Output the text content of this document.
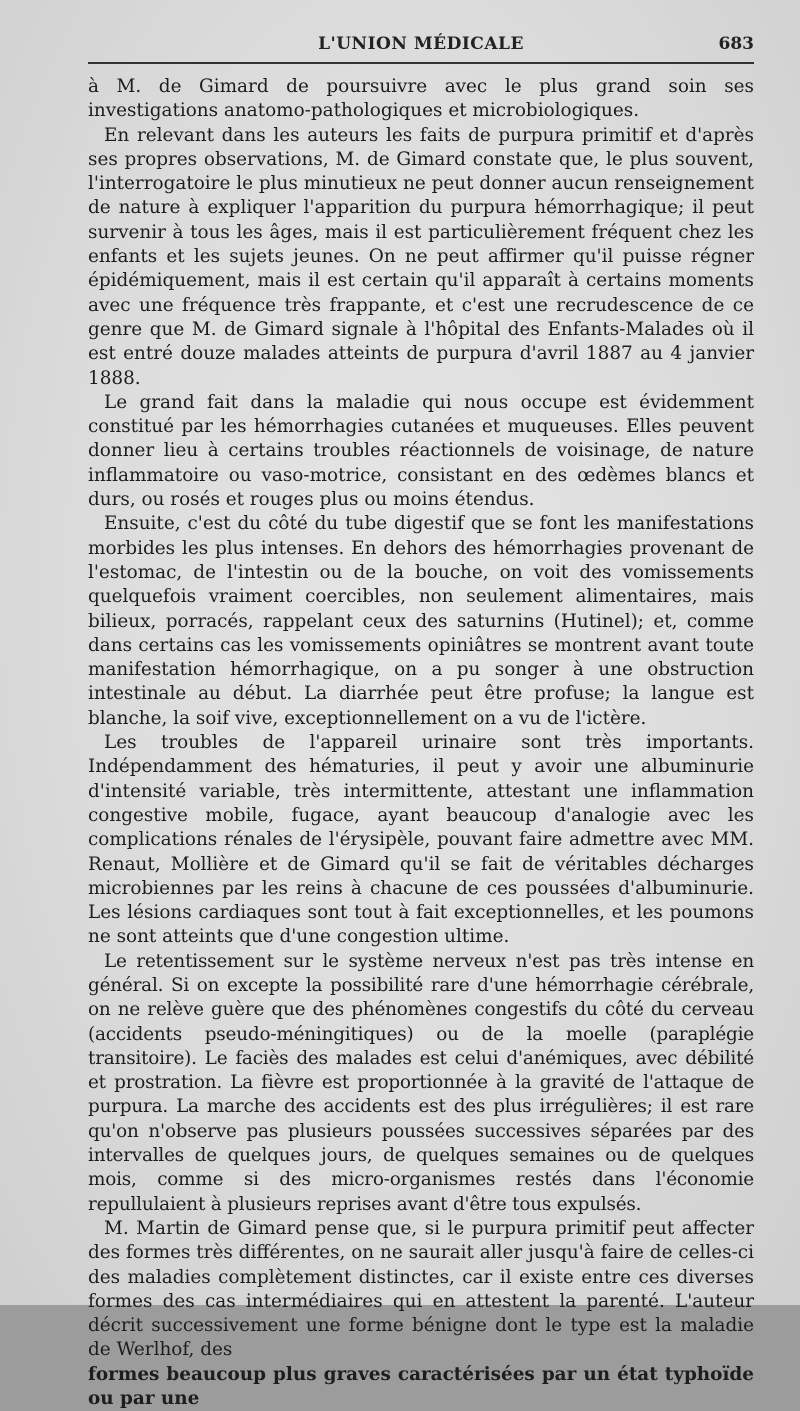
L'UNION MÉDICALE	683

à M. de Gimard de poursuivre avec le plus grand soin ses investigations anatomo-pathologiques et microbiologiques.

En relevant dans les auteurs les faits de purpura primitif et d'après ses propres observations, M. de Gimard constate que, le plus souvent, l'interrogatoire le plus minutieux ne peut donner aucun renseignement de nature à expliquer l'apparition du purpura hémorrhagique; il peut survenir à tous les âges, mais il est particulièrement fréquent chez les enfants et les sujets jeunes. On ne peut affirmer qu'il puisse régner épidémiquement, mais il est certain qu'il apparaît à certains moments avec une fréquence très frappante, et c'est une recrudescence de ce genre que M. de Gimard signale à l'hôpital des Enfants-Malades où il est entré douze malades atteints de purpura d'avril 1887 au 4 janvier 1888.

Le grand fait dans la maladie qui nous occupe est évidemment constitué par les hémorrhagies cutanées et muqueuses. Elles peuvent donner lieu à certains troubles réactionnels de voisinage, de nature inflammatoire ou vaso-motrice, consistant en des œdèmes blancs et durs, ou rosés et rouges plus ou moins étendus.

Ensuite, c'est du côté du tube digestif que se font les manifestations morbides les plus intenses. En dehors des hémorrhagies provenant de l'estomac, de l'intestin ou de la bouche, on voit des vomissements quelquefois vraiment coercibles, non seulement alimentaires, mais bilieux, porracés, rappelant ceux des saturnins (Hutinel); et, comme dans certains cas les vomissements opiniâtres se montrent avant toute manifestation hémorrhagique, on a pu songer à une obstruction intestinale au début. La diarrhée peut être profuse; la langue est blanche, la soif vive, exceptionnellement on a vu de l'ictère.

Les troubles de l'appareil urinaire sont très importants. Indépendamment des hématuries, il peut y avoir une albuminurie d'intensité variable, très intermittente, attestant une inflammation congestive mobile, fugace, ayant beaucoup d'analogie avec les complications rénales de l'érysipèle, pouvant faire admettre avec MM. Renaut, Mollière et de Gimard qu'il se fait de véritables décharges microbiennes par les reins à chacune de ces poussées d'albuminurie. Les lésions cardiaques sont tout à fait exceptionnelles, et les poumons ne sont atteints que d'une congestion ultime.

Le retentissement sur le système nerveux n'est pas très intense en général. Si on excepte la possibilité rare d'une hémorrhagie cérébrale, on ne relève guère que des phénomènes congestifs du côté du cerveau (accidents pseudo-méningitiques) ou de la moelle (paraplégie transitoire). Le faciès des malades est celui d'anémiques, avec débilité et prostration. La fièvre est proportionnée à la gravité de l'attaque de purpura. La marche des accidents est des plus irrégulières; il est rare qu'on n'observe pas plusieurs poussées successives séparées par des intervalles de quelques jours, de quelques semaines ou de quelques mois, comme si des micro-organismes restés dans l'économie repullulaient à plusieurs reprises avant d'être tous expulsés.

M. Martin de Gimard pense que, si le purpura primitif peut affecter des formes très différentes, on ne saurait aller jusqu'à faire de celles-ci des maladies complètement distinctes, car il existe entre ces diverses formes des cas intermédiaires qui en attestent la parenté. L'auteur décrit successivement une forme bénigne dont le type est la maladie de Werlhof, des

formes beaucoup plus graves caractérisées par un état typhoïde ou par une
